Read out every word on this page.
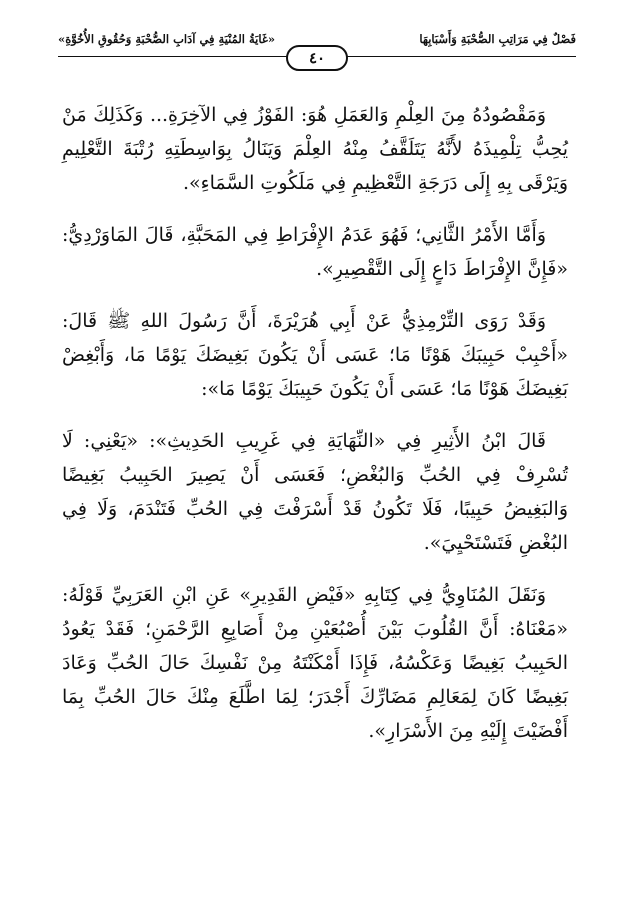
فَصْلٌ فِي مَرَاتِبِ الصُّحْبَةِ وَأَسْبَابِهَا
«غَايَةُ المُنْيَةِ فِي آدَابِ الصُّحْبَةِ وَحُقُوقِ الأُخُوَّةِ»
٤٠

وَمَقْصُودُهُ مِنَ العِلْمِ وَالعَمَلِ هُوَ: الفَوْزُ فِي الآخِرَةِ... وَكَذَلِكَ مَنْ يُحِبُّ تِلْمِيذَهُ لأَنَّهُ يَتَلَقَّفُ مِنْهُ العِلْمَ وَيَنَالُ بِوَاسِطَتِهِ رُتْبَةَ التَّعْلِيمِ وَيَرْقَى بِهِ إِلَى دَرَجَةِ التَّعْظِيمِ فِي مَلَكُوتِ السَّمَاءِ».

وَأَمَّا الأَمْرُ الثَّانِي؛ فَهُوَ عَدَمُ الإِفْرَاطِ فِي المَحَبَّةِ، قَالَ المَاوَرْدِيُّ: «فَإِنَّ الإِفْرَاطَ دَاعٍ إِلَى التَّقْصِيرِ».

وَقَدْ رَوَى التِّرْمِذِيُّ عَنْ أَبِي هُرَيْرَةَ، أَنَّ رَسُولَ اللهِ ﷺ قَالَ: «أَحْبِبْ حَبِيبَكَ هَوْنًا مَا؛ عَسَى أَنْ يَكُونَ بَغِيضَكَ يَوْمًا مَا، وَأَبْغِضْ بَغِيضَكَ هَوْنًا مَا؛ عَسَى أَنْ يَكُونَ حَبِيبَكَ يَوْمًا مَا»:

قَالَ ابْنُ الأَثِيرِ فِي «النِّهَايَةِ فِي غَرِيبِ الحَدِيثِ»: «يَعْنِي: لَا تُسْرِفْ فِي الحُبِّ وَالبُغْضِ؛ فَعَسَى أَنْ يَصِيرَ الحَبِيبُ بَغِيضًا وَالبَغِيضُ حَبِيبًا، فَلَا تَكُونُ قَدْ أَسْرَفْتَ فِي الحُبِّ فَتَنْدَمَ، وَلَا فِي البُغْضِ فَتَسْتَحْيِيَ».

وَنَقَلَ المُنَاوِيُّ فِي كِتَابِهِ «فَيْضِ القَدِيرِ» عَنِ ابْنِ العَرَبِيِّ قَوْلَهُ: «مَعْنَاهُ: أَنَّ القُلُوبَ بَيْنَ أُصْبُعَيْنِ مِنْ أَصَابِعِ الرَّحْمَنِ؛ فَقَدْ يَعُودُ الحَبِيبُ بَغِيضًا وَعَكْسُهُ، فَإِذَا أَمْكَنْتَهُ مِنْ نَفْسِكَ حَالَ الحُبِّ وَعَادَ بَغِيضًا كَانَ لِمَعَالِمِ مَضَارِّكَ أَجْدَرَ؛ لِمَا اطَّلَعَ مِنْكَ حَالَ الحُبِّ بِمَا أَفْضَيْتَ إِلَيْهِ مِنَ الأَسْرَارِ».
